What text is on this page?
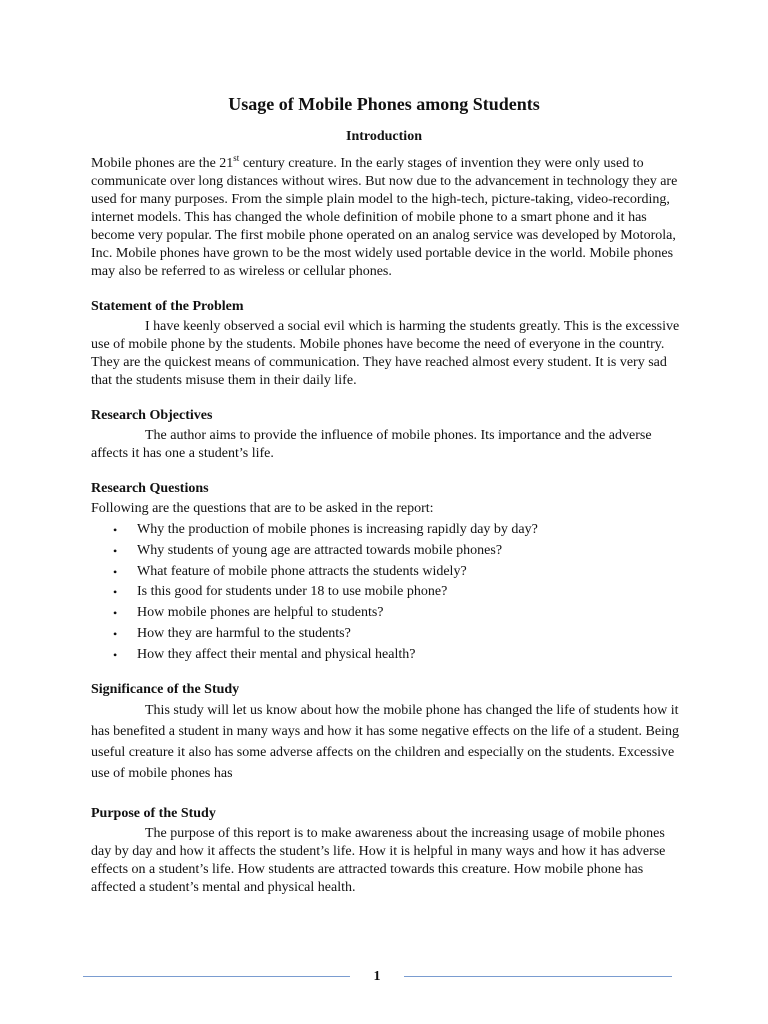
Usage of Mobile Phones among Students
Introduction

Mobile phones are the 21st century creature. In the early stages of invention they were only used to communicate over long distances without wires. But now due to the advancement in technology they are used for many purposes. From the simple plain model to the high-tech, picture-taking, video-recording, internet models. This has changed the whole definition of mobile phone to a smart phone and it has become very popular. The first mobile phone operated on an analog service was developed by Motorola, Inc. Mobile phones have grown to be the most widely used portable device in the world. Mobile phones may also be referred to as wireless or cellular phones.

Statement of the Problem

I have keenly observed a social evil which is harming the students greatly. This is the excessive use of mobile phone by the students. Mobile phones have become the need of everyone in the country. They are the quickest means of communication. They have reached almost every student. It is very sad that the students misuse them in their daily life.

Research Objectives

The author aims to provide the influence of mobile phones. Its importance and the adverse affects it has one a student’s life.

Research Questions

Following are the questions that are to be asked in the report:

• Why the production of mobile phones is increasing rapidly day by day?
• Why students of young age are attracted towards mobile phones?
• What feature of mobile phone attracts the students widely?
• Is this good for students under 18 to use mobile phone?
• How mobile phones are helpful to students?
• How they are harmful to the students?
• How they affect their mental and physical health?

Significance of the Study

This study will let us know about how the mobile phone has changed the life of students how it has benefited a student in many ways and how it has some negative effects on the life of a student. Being useful creature it also has some adverse affects on the children and especially on the students. Excessive use of mobile phones has

Purpose of the Study

The purpose of this report is to make awareness about the increasing usage of mobile phones day by day and how it affects the student’s life. How it is helpful in many ways and how it has adverse effects on a student’s life. How students are attracted towards this creature. How mobile phone has affected a student’s mental and physical health.

1
